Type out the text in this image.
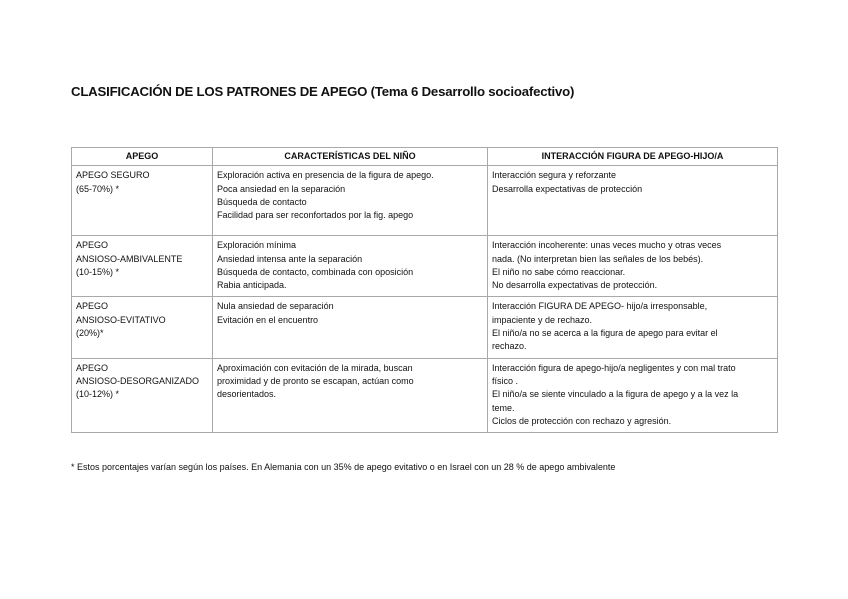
CLASIFICACIÓN DE LOS PATRONES DE APEGO (Tema 6 Desarrollo socioafectivo)
APEGO	CARACTERÍSTICAS DEL NIÑO	INTERACCIÓN FIGURA DE APEGO-HIJO/A

APEGO SEGURO
(65-70%) *	Exploración activa en presencia de la figura de apego.
Poca ansiedad en la separación
Búsqueda de contacto
Facilidad para ser reconfortados por la fig. apego	Interacción segura y reforzante
Desarrolla expectativas de protección

APEGO
ANSIOSO-AMBIVALENTE
(10-15%) *	Exploración mínima
Ansiedad intensa ante la separación
Búsqueda de contacto, combinada con oposición
Rabia anticipada.	Interacción incoherente: unas veces mucho y otras veces
nada. (No interpretan bien las señales de los bebés).
El niño no sabe cómo reaccionar.
No desarrolla expectativas de protección.

APEGO
ANSIOSO-EVITATIVO
(20%)*	Nula ansiedad de separación
Evitación en el encuentro	Interacción FIGURA DE APEGO- hijo/a irresponsable,
impaciente y de rechazo.
El niño/a no se acerca a la figura de apego para evitar el
rechazo.

APEGO
ANSIOSO-DESORGANIZADO
(10-12%) *	Aproximación con evitación de la mirada, buscan
proximidad y de pronto se escapan, actúan como
desorientados.	Interacción figura de apego-hijo/a negligentes y con mal trato
físico .
El niño/a se siente vinculado a la figura de apego y a la vez la
teme.
Ciclos de protección con rechazo y agresión.
* Estos porcentajes varían según los países. En Alemania con un 35% de apego evitativo o en Israel con un 28 % de apego ambivalente
